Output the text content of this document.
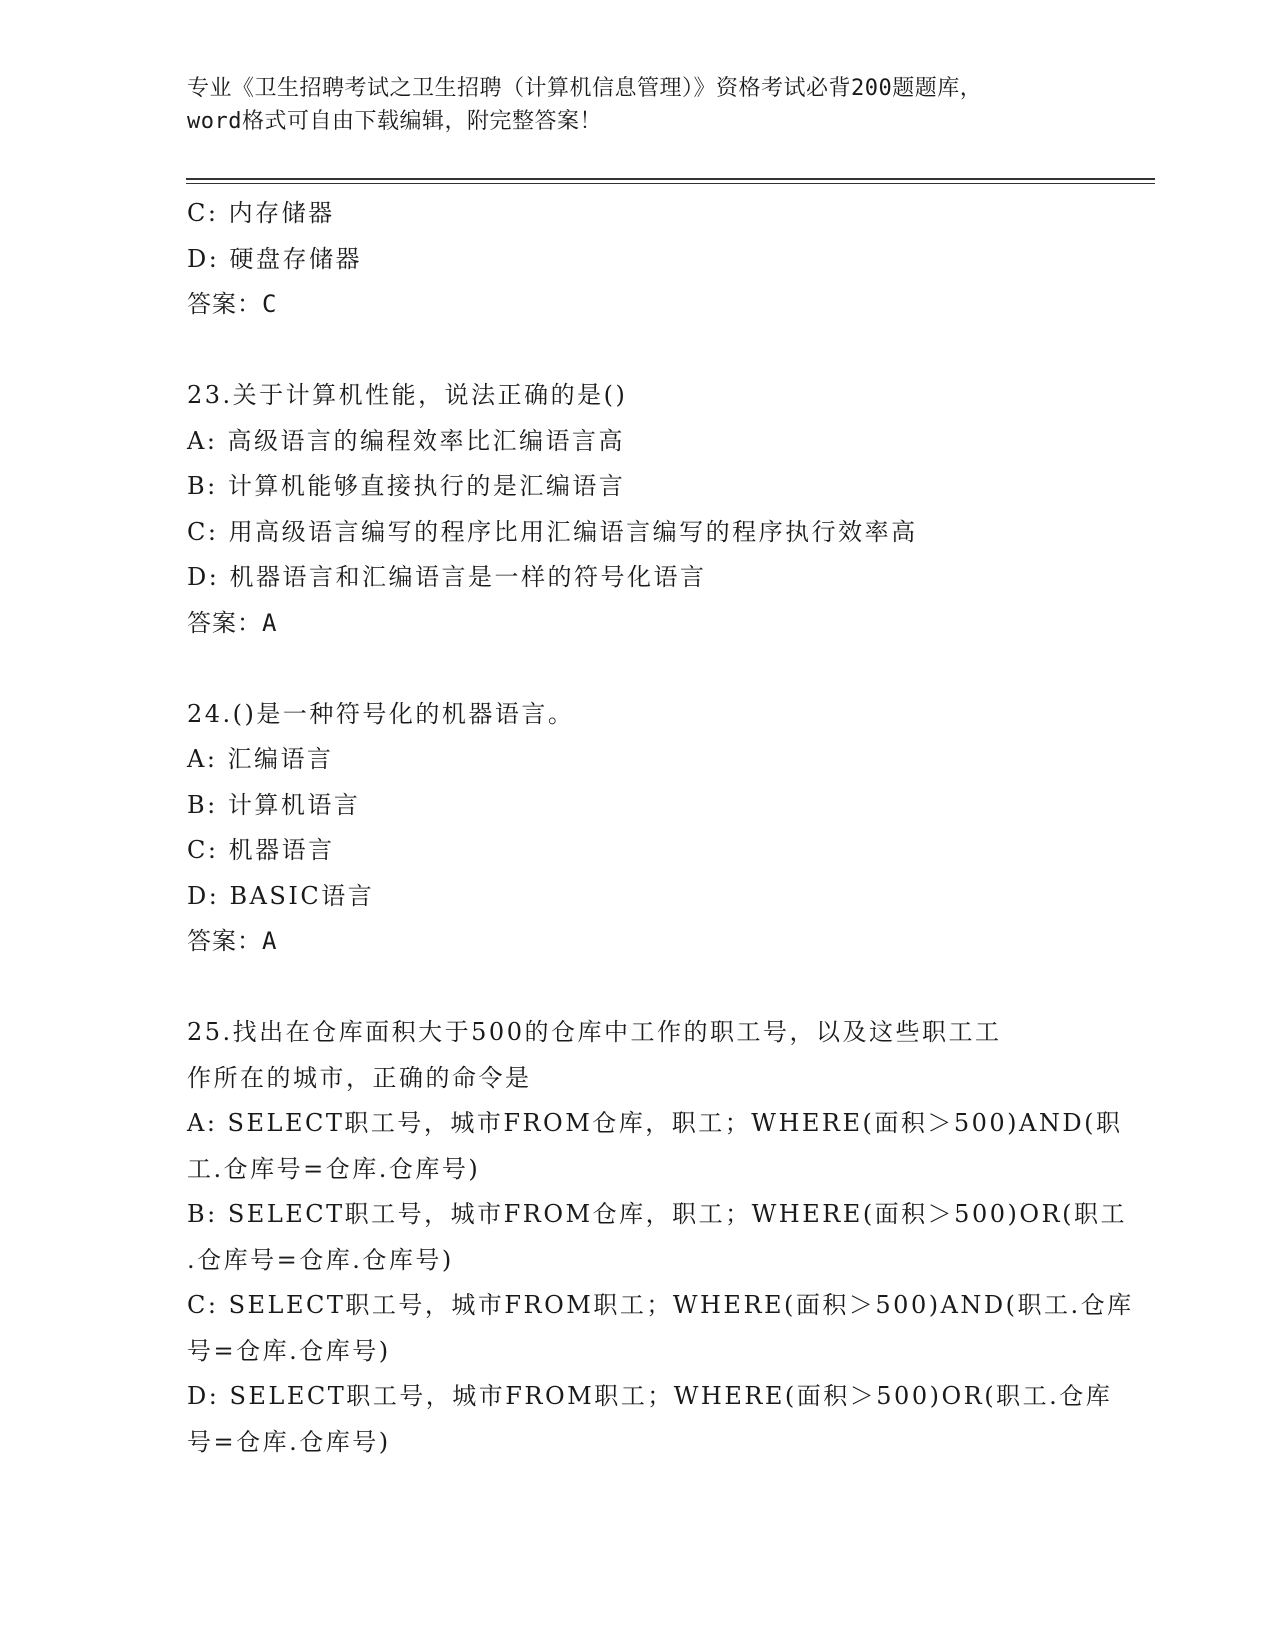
专业《卫生招聘考试之卫生招聘（计算机信息管理）》资格考试必背200题题库，
word格式可自由下载编辑，附完整答案！
C: 内存储器
D: 硬盘存储器
答案：C
23.关于计算机性能，说法正确的是()
A: 高级语言的编程效率比汇编语言高
B: 计算机能够直接执行的是汇编语言
C: 用高级语言编写的程序比用汇编语言编写的程序执行效率高
D: 机器语言和汇编语言是一样的符号化语言
答案：A
24.()是一种符号化的机器语言。
A: 汇编语言
B: 计算机语言
C: 机器语言
D: BASIC语言
答案：A
25.找出在仓库面积大于500的仓库中工作的职工号，以及这些职工工
作所在的城市，正确的命令是
A: SELECT职工号，城市FROM仓库，职工；WHERE(面积＞500)AND(职
工.仓库号=仓库.仓库号)
B: SELECT职工号，城市FROM仓库，职工；WHERE(面积＞500)OR(职工
.仓库号=仓库.仓库号)
C: SELECT职工号，城市FROM职工；WHERE(面积＞500)AND(职工.仓库
号=仓库.仓库号)
D: SELECT职工号，城市FROM职工；WHERE(面积＞500)OR(职工.仓库
号=仓库.仓库号)
